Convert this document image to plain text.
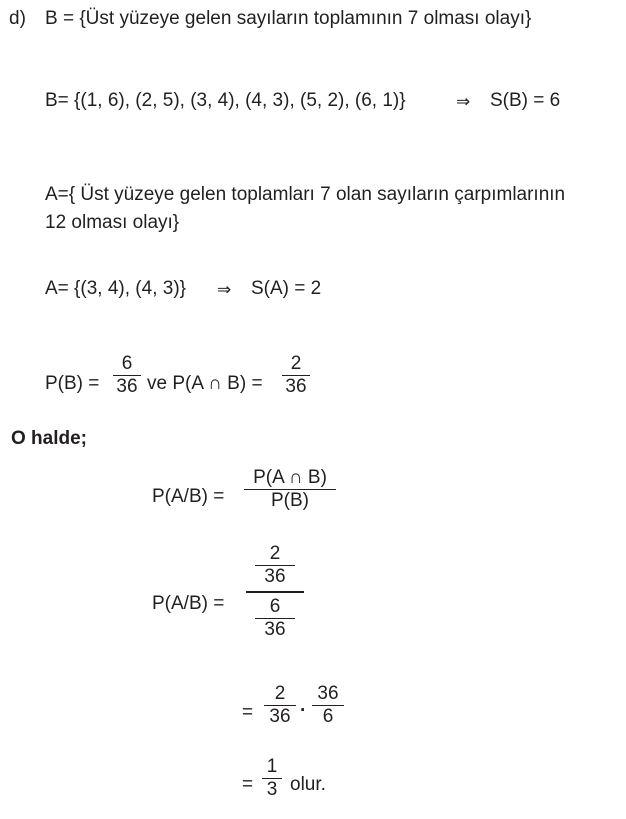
d) B = {Üst yüzeye gelen sayıların toplamının 7 olması olayı}
B= {(1, 6), (2, 5), (3, 4), (4, 3), (5, 2), (6, 1)}	⇒ S(B) = 6
A={ Üst yüzeye gelen toplamları 7 olan sayıların çarpımlarının
12 olması olayı}
A= {(3, 4), (4, 3)} ⇒ S(A) = 2
P(B) =
6
36 ve P(A ∩ B) =
2
36
O halde;
P(A/B) =
P(A ∩ B)
P(B)
P(A/B) =
$\frac{2}{36}$
$\frac{6}{36}$
=
2
36 ·
36
6
=
1
3 olur.
